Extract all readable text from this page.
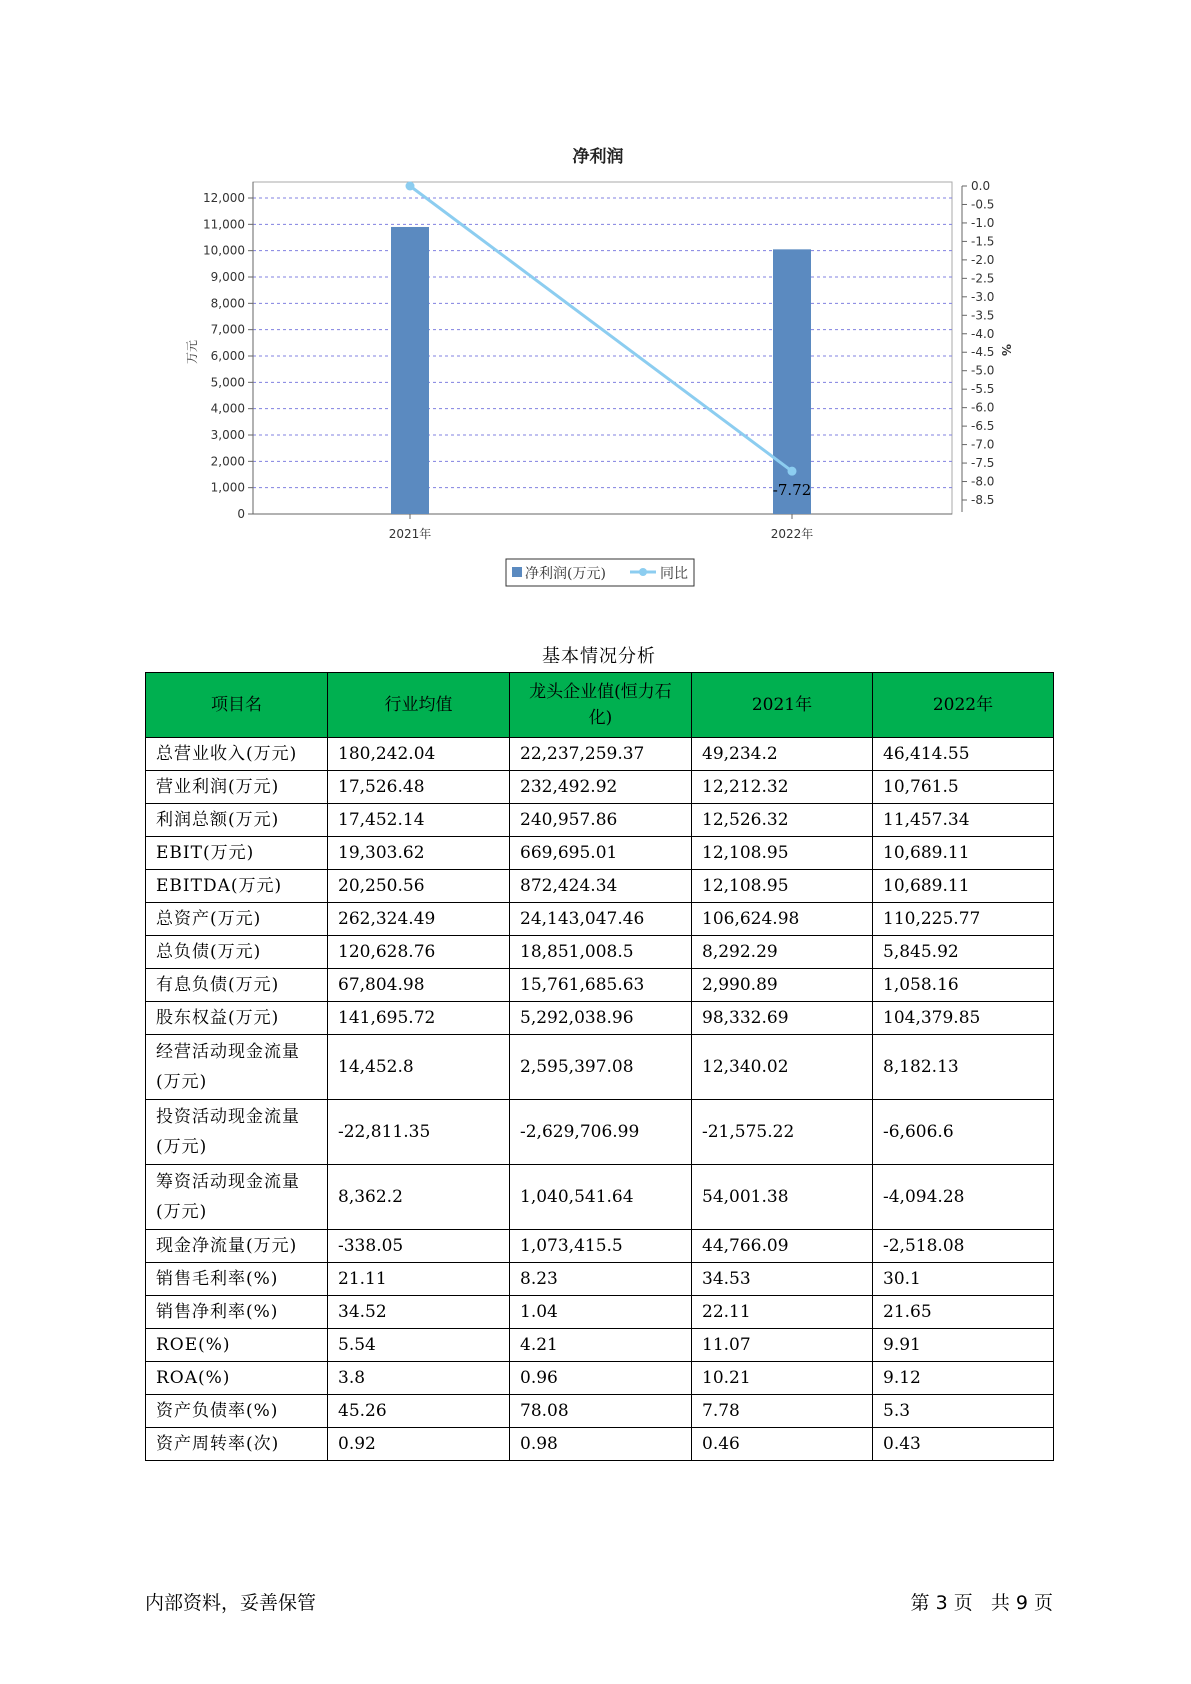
净利润
0
1,000
2,000
3,000
4,000
5,000
6,000
7,000
8,000
9,000
10,000
11,000
12,000
0.0
-0.5
-1.0
-1.5
-2.0
-2.5
-3.0
-3.5
-4.0
-4.5
-5.0
-5.5
-6.0
-6.5
-7.0
-7.5
-8.0
-8.5
2021年	2022年
-7.72
万元	%
净利润(万元)	同比
基本情况分析
项目名	行业均值	龙头企业值(恒力石化)	2021年	2022年
总营业收入(万元)	180,242.04	22,237,259.37	49,234.2	46,414.55
营业利润(万元)	17,526.48	232,492.92	12,212.32	10,761.5
利润总额(万元)	17,452.14	240,957.86	12,526.32	11,457.34
EBIT(万元)	19,303.62	669,695.01	12,108.95	10,689.11
EBITDA(万元)	20,250.56	872,424.34	12,108.95	10,689.11
总资产(万元)	262,324.49	24,143,047.46	106,624.98	110,225.77
总负债(万元)	120,628.76	18,851,008.5	8,292.29	5,845.92
有息负债(万元)	67,804.98	15,761,685.63	2,990.89	1,058.16
股东权益(万元)	141,695.72	5,292,038.96	98,332.69	104,379.85
经营活动现金流量(万元)	14,452.8	2,595,397.08	12,340.02	8,182.13
投资活动现金流量(万元)	-22,811.35	-2,629,706.99	-21,575.22	-6,606.6
筹资活动现金流量(万元)	8,362.2	1,040,541.64	54,001.38	-4,094.28
现金净流量(万元)	-338.05	1,073,415.5	44,766.09	-2,518.08
销售毛利率(%)	21.11	8.23	34.53	30.1
销售净利率(%)	34.52	1.04	22.11	21.65
ROE(%)	5.54	4.21	11.07	9.91
ROA(%)	3.8	0.96	10.21	9.12
资产负债率(%)	45.26	78.08	7.78	5.3
资产周转率(次)	0.92	0.98	0.46	0.43
内部资料，妥善保管	第 3 页   共 9 页
